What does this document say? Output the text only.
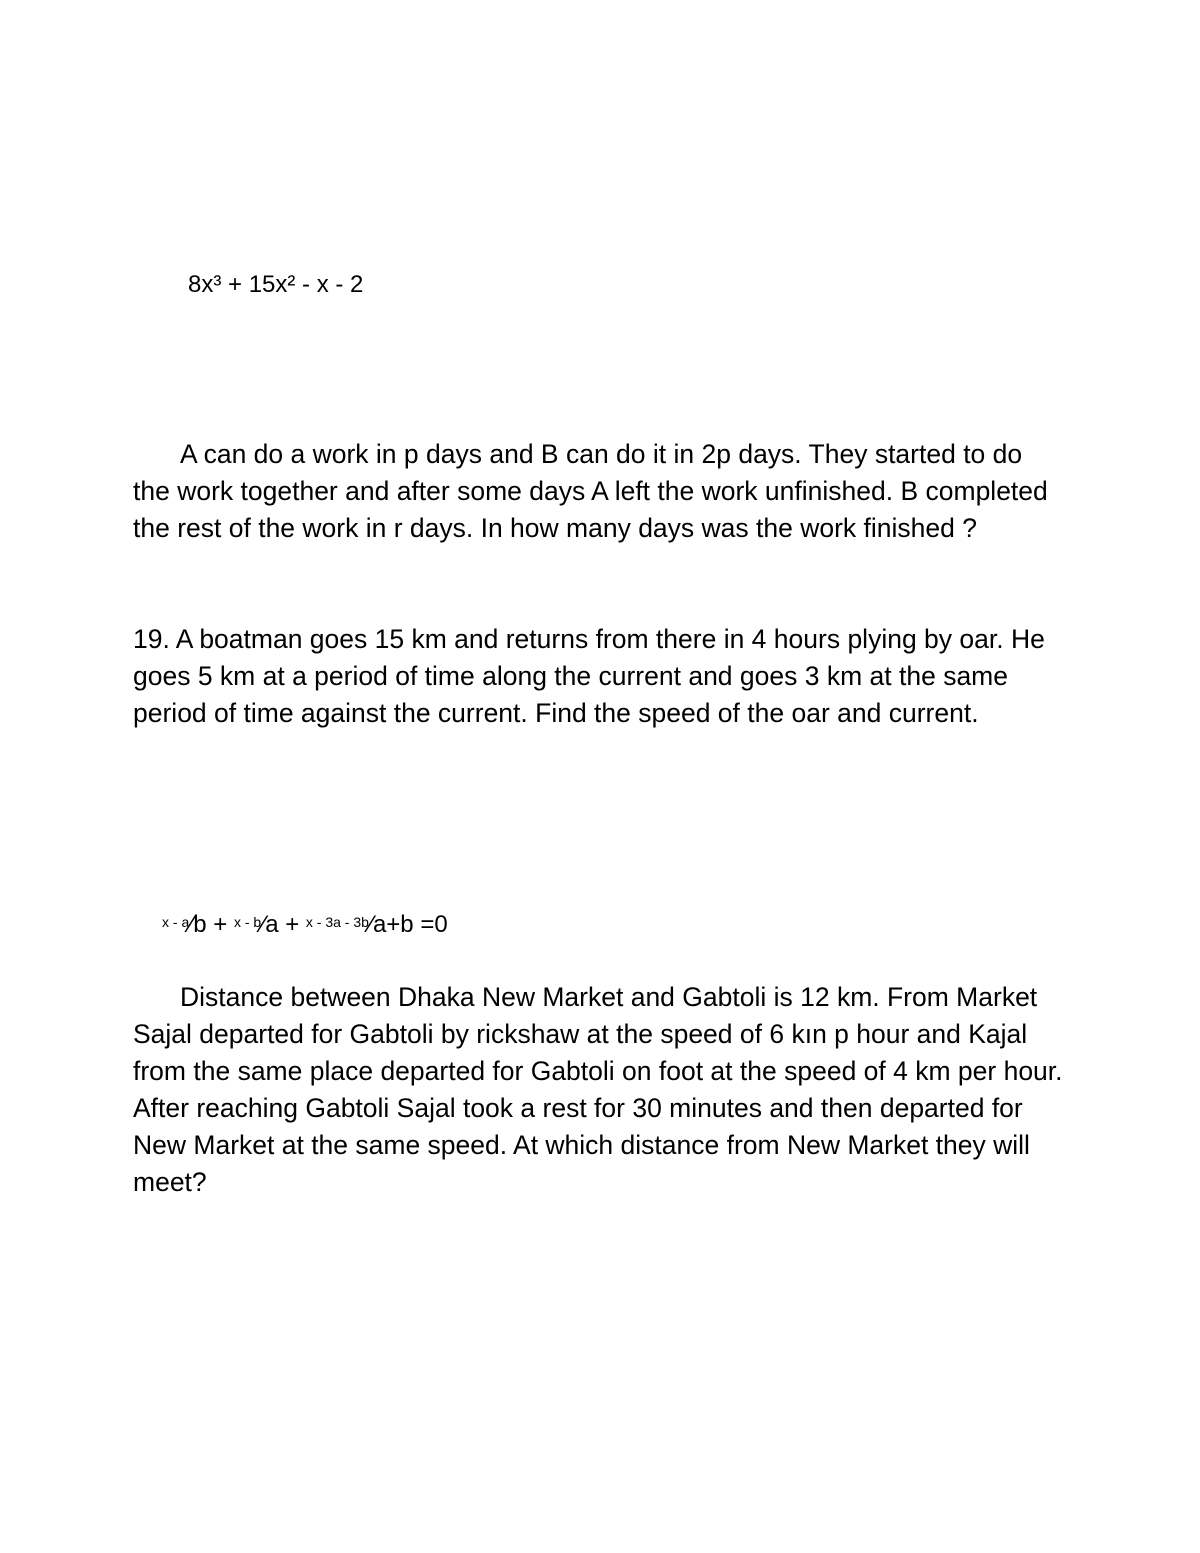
8x³ + 15x² - x - 2

A can do a work in p days and B can do it in 2p days. They started to do the work together and after some days A left the work unfinished. B completed the rest of the work in r days. In how many days was the work finished ?

19. A boatman goes 15 km and returns from there in 4 hours plying by oar. He goes 5 km at a period of time along the current and goes 3 km at the same period of time against the current. Find the speed of the oar and current.

$^{x - a}$⁄b + $^{x - b}$⁄a + $^{x - 3a - 3b}$⁄a+b =0

Distance between Dhaka New Market and Gabtoli is 12 km. From Market Sajal departed for Gabtoli by rickshaw at the speed of 6 kın p hour and Kajal from the same place departed for Gabtoli on foot at the speed of 4 km per hour. After reaching Gabtoli Sajal took a rest for 30 minutes and then departed for New Market at the same speed. At which distance from New Market they will meet?
